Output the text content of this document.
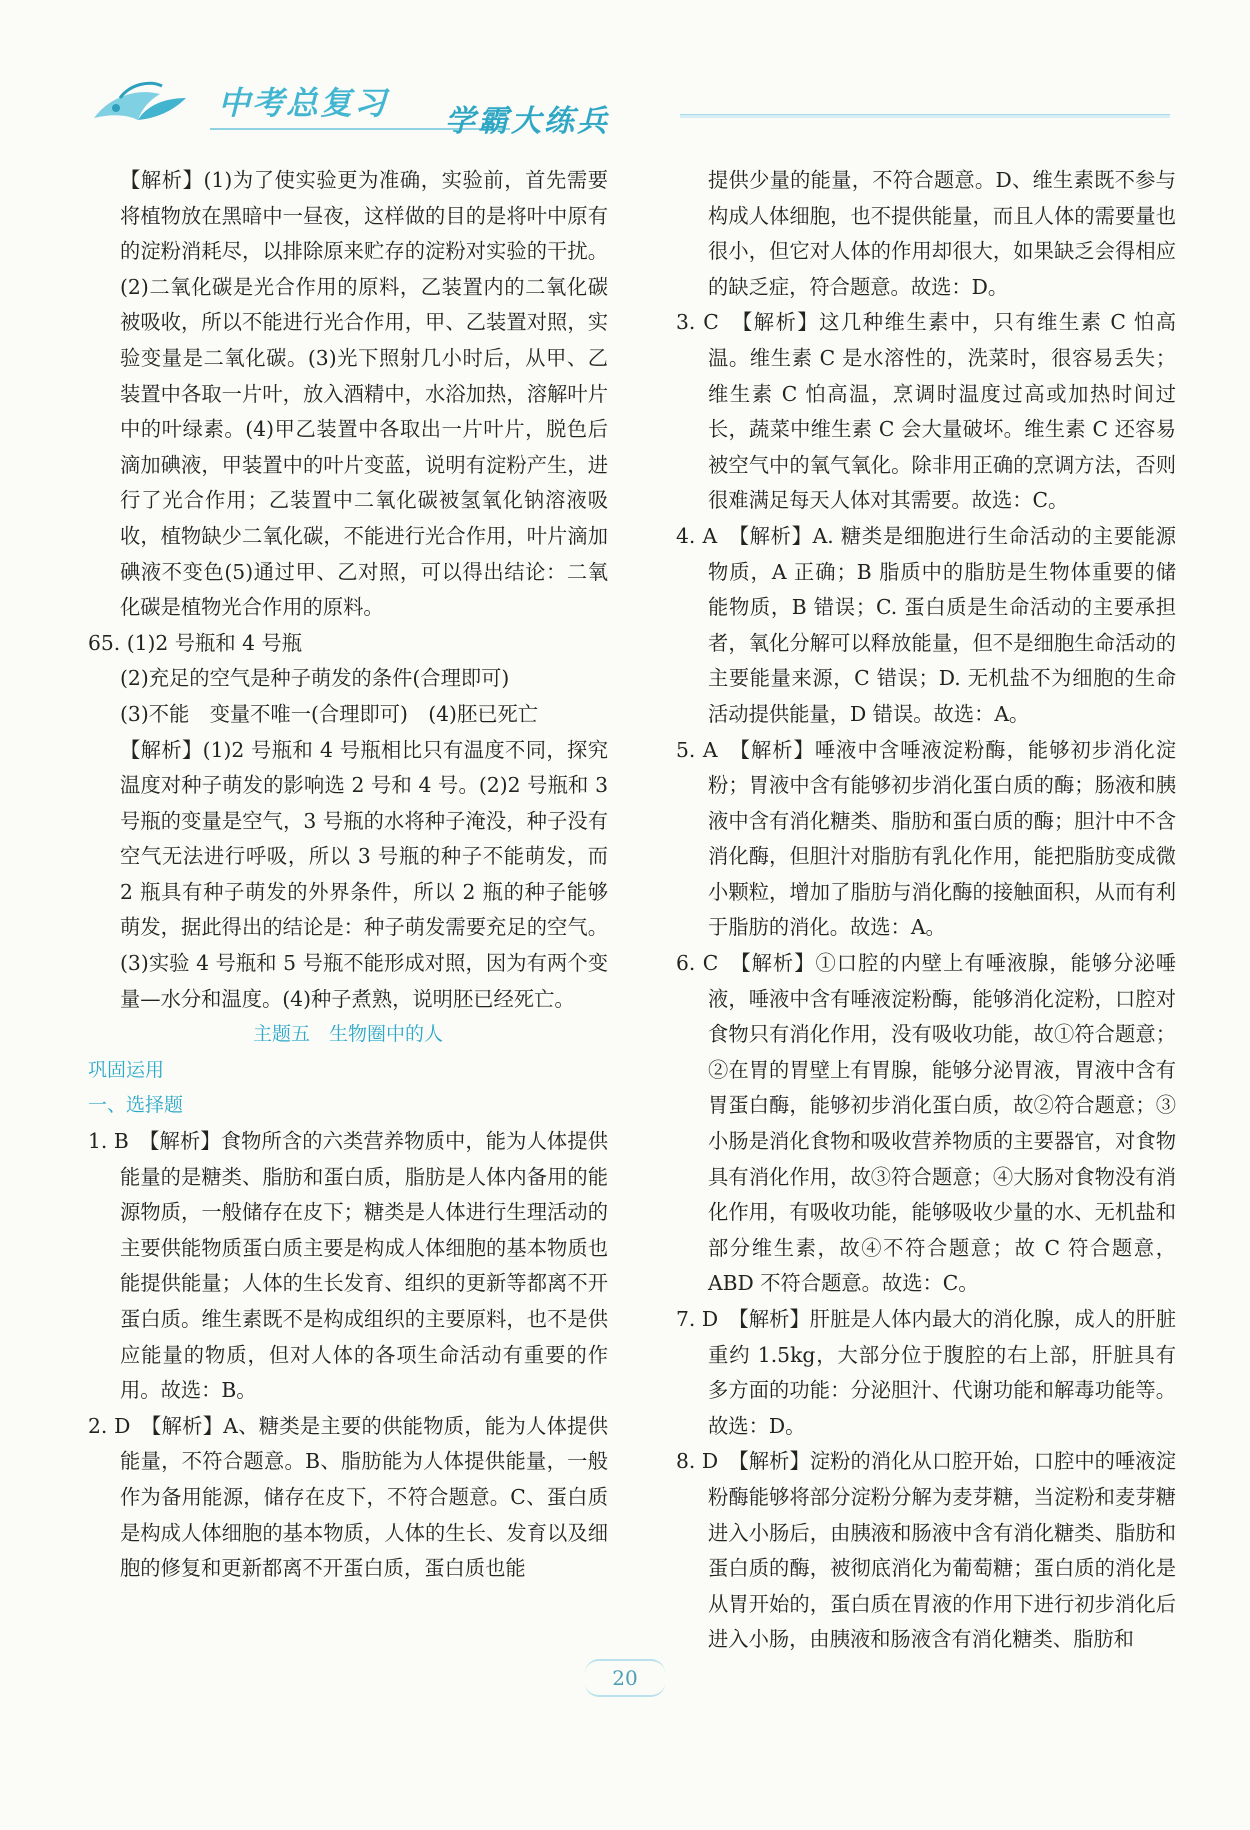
中考总复习 学霸大练兵

【解析】(1)为了使实验更为准确，实验前，首先需要将植物放在黑暗中一昼夜，这样做的目的是将叶中原有的淀粉消耗尽，以排除原来贮存的淀粉对实验的干扰。(2)二氧化碳是光合作用的原料，乙装置内的二氧化碳被吸收，所以不能进行光合作用，甲、乙装置对照，实验变量是二氧化碳。(3)光下照射几小时后，从甲、乙装置中各取一片叶，放入酒精中，水浴加热，溶解叶片中的叶绿素。(4)甲乙装置中各取出一片叶片，脱色后滴加碘液，甲装置中的叶片变蓝，说明有淀粉产生，进行了光合作用；乙装置中二氧化碳被氢氧化钠溶液吸收，植物缺少二氧化碳，不能进行光合作用，叶片滴加碘液不变色(5)通过甲、乙对照，可以得出结论：二氧化碳是植物光合作用的原料。

65. (1)2 号瓶和 4 号瓶

(2)充足的空气是种子萌发的条件(合理即可)

(3)不能　变量不唯一(合理即可)　(4)胚已死亡

【解析】(1)2 号瓶和 4 号瓶相比只有温度不同，探究温度对种子萌发的影响选 2 号和 4 号。(2)2 号瓶和 3 号瓶的变量是空气，3 号瓶的水将种子淹没，种子没有空气无法进行呼吸，所以 3 号瓶的种子不能萌发，而 2 瓶具有种子萌发的外界条件，所以 2 瓶的种子能够萌发，据此得出的结论是：种子萌发需要充足的空气。(3)实验 4 号瓶和 5 号瓶不能形成对照，因为有两个变量—水分和温度。(4)种子煮熟，说明胚已经死亡。

主题五　生物圈中的人

巩固运用

一、选择题

1. B　【解析】食物所含的六类营养物质中，能为人体提供能量的是糖类、脂肪和蛋白质，脂肪是人体内备用的能源物质，一般储存在皮下；糖类是人体进行生理活动的主要供能物质蛋白质主要是构成人体细胞的基本物质也能提供能量；人体的生长发育、组织的更新等都离不开蛋白质。维生素既不是构成组织的主要原料，也不是供应能量的物质，但对人体的各项生命活动有重要的作用。故选：B。

2. D　【解析】A、糖类是主要的供能物质，能为人体提供能量，不符合题意。B、脂肪能为人体提供能量，一般作为备用能源，储存在皮下，不符合题意。C、蛋白质是构成人体细胞的基本物质，人体的生长、发育以及细胞的修复和更新都离不开蛋白质，蛋白质也能

提供少量的能量，不符合题意。D、维生素既不参与构成人体细胞，也不提供能量，而且人体的需要量也很小，但它对人体的作用却很大，如果缺乏会得相应的缺乏症，符合题意。故选：D。

3. C　【解析】这几种维生素中，只有维生素 C 怕高温。维生素 C 是水溶性的，洗菜时，很容易丢失；维生素 C 怕高温，烹调时温度过高或加热时间过长，蔬菜中维生素 C 会大量破坏。维生素 C 还容易被空气中的氧气氧化。除非用正确的烹调方法，否则很难满足每天人体对其需要。故选：C。

4. A　【解析】A. 糖类是细胞进行生命活动的主要能源物质，A 正确；B 脂质中的脂肪是生物体重要的储能物质，B 错误；C. 蛋白质是生命活动的主要承担者，氧化分解可以释放能量，但不是细胞生命活动的主要能量来源，C 错误；D. 无机盐不为细胞的生命活动提供能量，D 错误。故选：A。

5. A　【解析】唾液中含唾液淀粉酶，能够初步消化淀粉；胃液中含有能够初步消化蛋白质的酶；肠液和胰液中含有消化糖类、脂肪和蛋白质的酶；胆汁中不含消化酶，但胆汁对脂肪有乳化作用，能把脂肪变成微小颗粒，增加了脂肪与消化酶的接触面积，从而有利于脂肪的消化。故选：A。

6. C　【解析】①口腔的内壁上有唾液腺，能够分泌唾液，唾液中含有唾液淀粉酶，能够消化淀粉，口腔对食物只有消化作用，没有吸收功能，故①符合题意；②在胃的胃壁上有胃腺，能够分泌胃液，胃液中含有胃蛋白酶，能够初步消化蛋白质，故②符合题意；③小肠是消化食物和吸收营养物质的主要器官，对食物具有消化作用，故③符合题意；④大肠对食物没有消化作用，有吸收功能，能够吸收少量的水、无机盐和部分维生素，故④不符合题意；故 C 符合题意，ABD 不符合题意。故选：C。

7. D　【解析】肝脏是人体内最大的消化腺，成人的肝脏重约 1.5kg，大部分位于腹腔的右上部，肝脏具有多方面的功能：分泌胆汁、代谢功能和解毒功能等。故选：D。

8. D　【解析】淀粉的消化从口腔开始，口腔中的唾液淀粉酶能够将部分淀粉分解为麦芽糖，当淀粉和麦芽糖进入小肠后，由胰液和肠液中含有消化糖类、脂肪和蛋白质的酶，被彻底消化为葡萄糖；蛋白质的消化是从胃开始的，蛋白质在胃液的作用下进行初步消化后进入小肠，由胰液和肠液含有消化糖类、脂肪和

20
